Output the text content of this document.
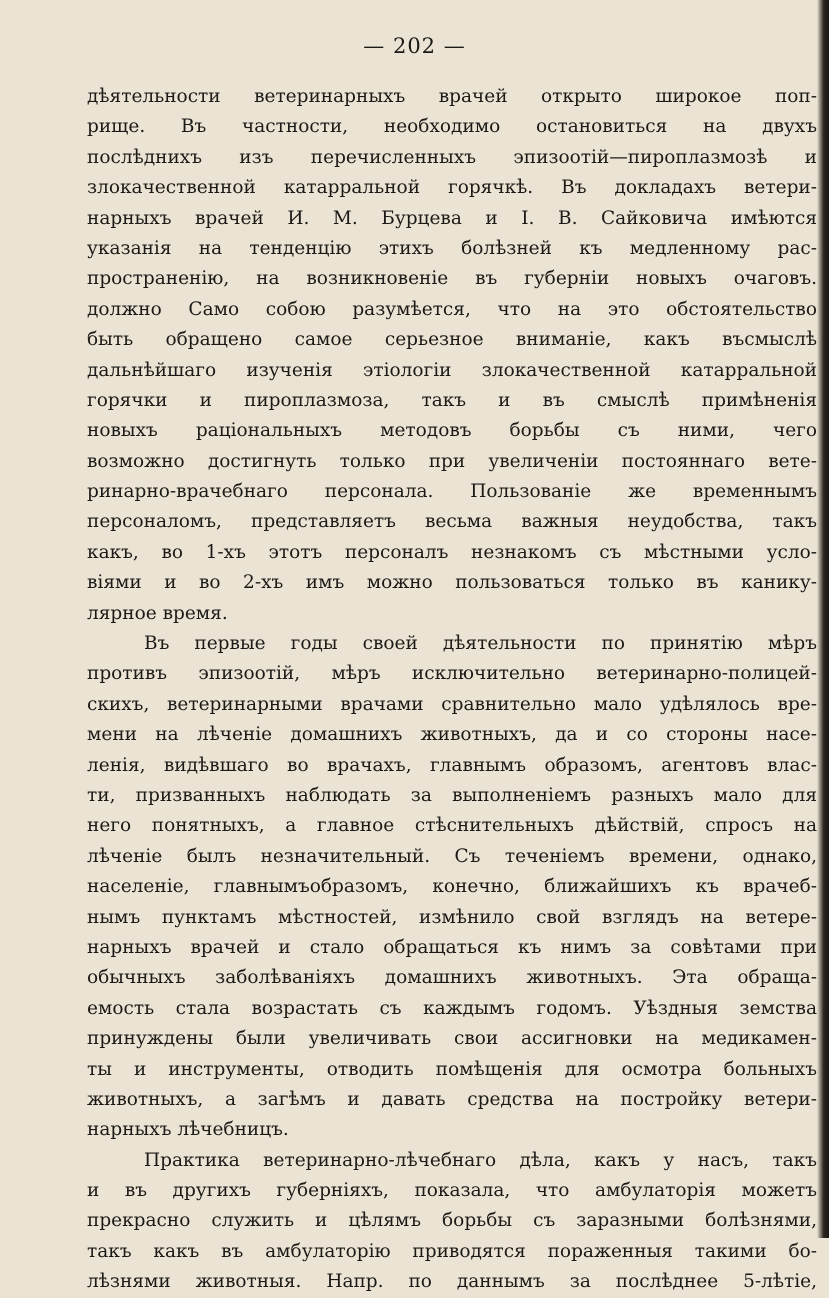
— 202 —
дѣятельности ветеринарныхъ врачей открыто широкое поп-
рище. Въ частности, необходимо остановиться на двухъ
послѣднихъ изъ перечисленныхъ эпизоотій—пироплазмозѣ и
злокачественной катарральной горячкѣ. Въ докладахъ ветери-
нарныхъ врачей И. М. Бурцева и I. В. Сайковича имѣются
указанія на тенденцію этихъ болѣзней къ медленному рас-
пространенію, на возникновеніе въ губерніи новыхъ очаговъ.
должно Само собою разумѣется, что на это обстоятельство
быть обращено самое серьезное вниманіе, какъ въсмыслѣ
дальнѣйшаго изученія этіологіи злокачественной катарральной
горячки и пироплазмоза, такъ и въ смыслѣ примѣненія
новыхъ раціональныхъ методовъ борьбы съ ними, чего
возможно достигнуть только при увеличеніи постояннаго вете-
ринарно-врачебнаго персонала. Пользованіе же временнымъ
персоналомъ, представляетъ весьма важныя неудобства, такъ
какъ, во 1-хъ этотъ персоналъ незнакомъ съ мѣстными усло-
віями и во 2-хъ имъ можно пользоваться только въ канику-
лярное время.
Въ первые годы своей дѣятельности по принятію мѣръ
противъ эпизоотій, мѣръ исключительно ветеринарно-полицей-
скихъ, ветеринарными врачами сравнительно мало удѣлялось вре-
мени на лѣченіе домашнихъ животныхъ, да и со стороны насе-
ленія, видѣвшаго во врачахъ, главнымъ образомъ, агентовъ влас-
ти, призванныхъ наблюдать за выполненіемъ разныхъ мало для
него понятныхъ, а главное стѣснительныхъ дѣйствій, спросъ на
лѣченіе былъ незначительный. Съ теченіемъ времени, однако,
населеніе, главнымъобразомъ, конечно, ближайшихъ къ врачеб-
нымъ пунктамъ мѣстностей, измѣнило свой взглядъ на ветере-
нарныхъ врачей и стало обращаться къ нимъ за совѣтами при
обычныхъ заболѣваніяхъ домашнихъ животныхъ. Эта обраща-
емость стала возрастать съ каждымъ годомъ. Уѣздныя земства
принуждены были увеличивать свои ассигновки на медикамен-
ты и инструменты, отводить помѣщенія для осмотра больныхъ
животныхъ, а загѣмъ и давать средства на постройку ветери-
нарныхъ лѣчебницъ.
Практика ветеринарно-лѣчебнаго дѣла, какъ у насъ, такъ
и въ другихъ губерніяхъ, показала, что амбулаторія можетъ
прекрасно служить и цѣлямъ борьбы съ заразными болѣзнями,
такъ какъ въ амбулаторію приводятся пораженныя такими бо-
лѣзнями животныя. Напр. по даннымъ за послѣднее 5-лѣтіе,
